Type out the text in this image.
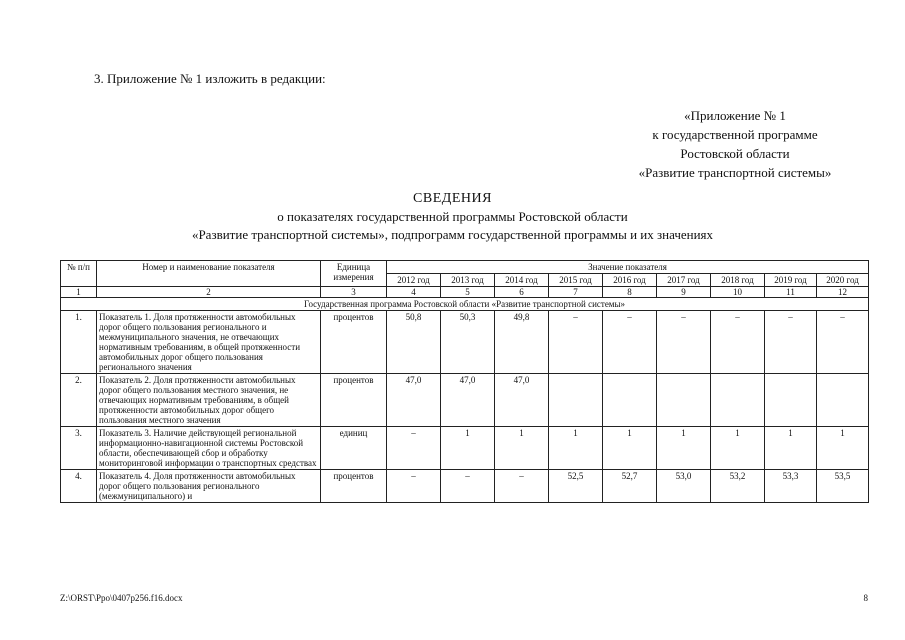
3. Приложение № 1 изложить в редакции:
«Приложение № 1
к государственной программе
Ростовской области
«Развитие транспортной системы»
СВЕДЕНИЯ
о показателях государственной программы Ростовской области
«Развитие транспортной системы», подпрограмм государственной программы и их значениях
№ п/п	Номер и наименование показателя	Единица измерения	Значение показателя								
			2012 год	2013 год	2014 год	2015 год	2016 год	2017 год	2018 год	2019 год	2020 год
1	2	3	4	5	6	7	8	9	10	11	12
Государственная программа Ростовской области «Развитие транспортной системы»											
1.	Показатель 1. Доля протяженности автомобильных дорог общего пользования регионального и межмуниципального значения, не отвечающих нормативным требованиям, в общей протяженности автомобильных дорог общего пользования регионального значения	процентов	50,8	50,3	49,8	–	–	–	–	–	–
2.	Показатель 2. Доля протяженности автомобильных дорог общего пользования местного значения, не отвечающих нормативным требованиям, в общей протяженности автомобильных дорог общего пользования местного значения	процентов	47,0	47,0	47,0						
3.	Показатель 3. Наличие действующей региональной информационно-навигационной системы Ростовской области, обеспечивающей сбор и обработку мониторинговой информации о транспортных средствах	единиц	–	1	1	1	1	1	1	1	1
4.	Показатель 4. Доля протяженности автомобильных дорог общего пользования регионального (межмуниципального) и	процентов	–	–	–	52,5	52,7	53,0	53,2	53,3	53,5
Z:\ORST\Ppo\0407p256.f16.docx	8
